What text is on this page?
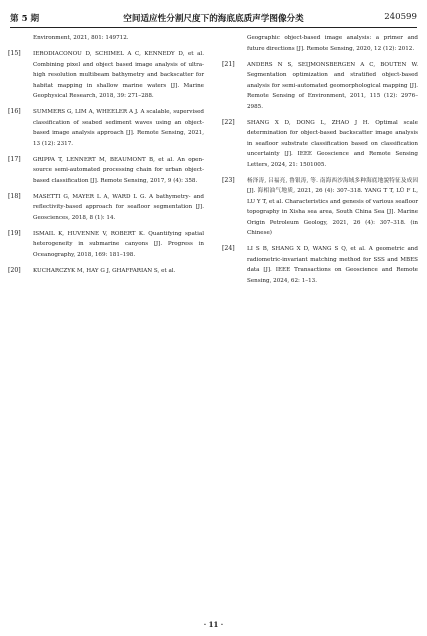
第 5 期	空间适应性分割尺度下的海底底质声学图像分类	240599
Environment, 2021, 801: 149712.
[15]	IERODIACONOU D, SCHIMEL A C, KENNEDY D, et al. Combining pixel and object based image analysis of ultra-high resolution multibeam bathymetry and backscatter for habitat mapping in shallow marine waters [J]. Marine Geophysical Research, 2018, 39: 271–288.
[16]	SUMMERS G, LIM A, WHEELER A J. A scalable, supervised classification of seabed sediment waves using an object-based image analysis approach [J]. Remote Sensing, 2021, 13 (12): 2317.
[17]	GRIPPA T, LENNERT M, BEAUMONT B, et al. An open-source semi-automated processing chain for urban object-based classification [J]. Remote Sensing, 2017, 9 (4): 358.
[18]	MASETTI G, MAYER L A, WARD L G. A bathymetry- and reflectivity-based approach for seafloor segmentation [J]. Geosciences, 2018, 8 (1): 14.
[19]	ISMAIL K, HUVENNE V, ROBERT K. Quantifying spatial heterogeneity in submarine canyons [J]. Progress in Oceanography, 2018, 169: 181–198.
[20]	KUCHARCZYK M, HAY G J, GHAFFARIAN S, et al.
Geographic object-based image analysis: a primer and future directions [J]. Remote Sensing, 2020, 12 (12): 2012.
[21]	ANDERS N S, SEIJMONSBERGEN A C, BOUTEN W. Segmentation optimization and stratified object-based analysis for semi-automated geomorphological mapping [J]. Remote Sensing of Environment, 2011, 115 (12): 2976–2985.
[22]	SHANG X D, DONG L, ZHAO J H. Optimal scale determination for object-based backscatter image analysis in seafloor substrate classification based on classification uncertainty [J]. IEEE Geoscience and Remote Sensing Letters, 2024, 21: 1501005.
[23]	杨泽涛, 吕福亮, 鲁银涛, 等. 南海西沙海域多种海底地貌特征及成因 [J]. 海相油气地质, 2021, 26 (4): 307–318. YANG T T, LÜ F L, LU Y T, et al. Characteristics and genesis of various seafloor topography in Xisha sea area, South China Sea [J]. Marine Origin Petroleum Geology, 2021, 26 (4): 307–318. (in Chinese)
[24]	LI S B, SHANG X D, WANG S Q, et al. A geometric and radiometric-invariant matching method for SSS and MBES data [J]. IEEE Transactions on Geoscience and Remote Sensing, 2024, 62: 1–13.
· 11 ·
